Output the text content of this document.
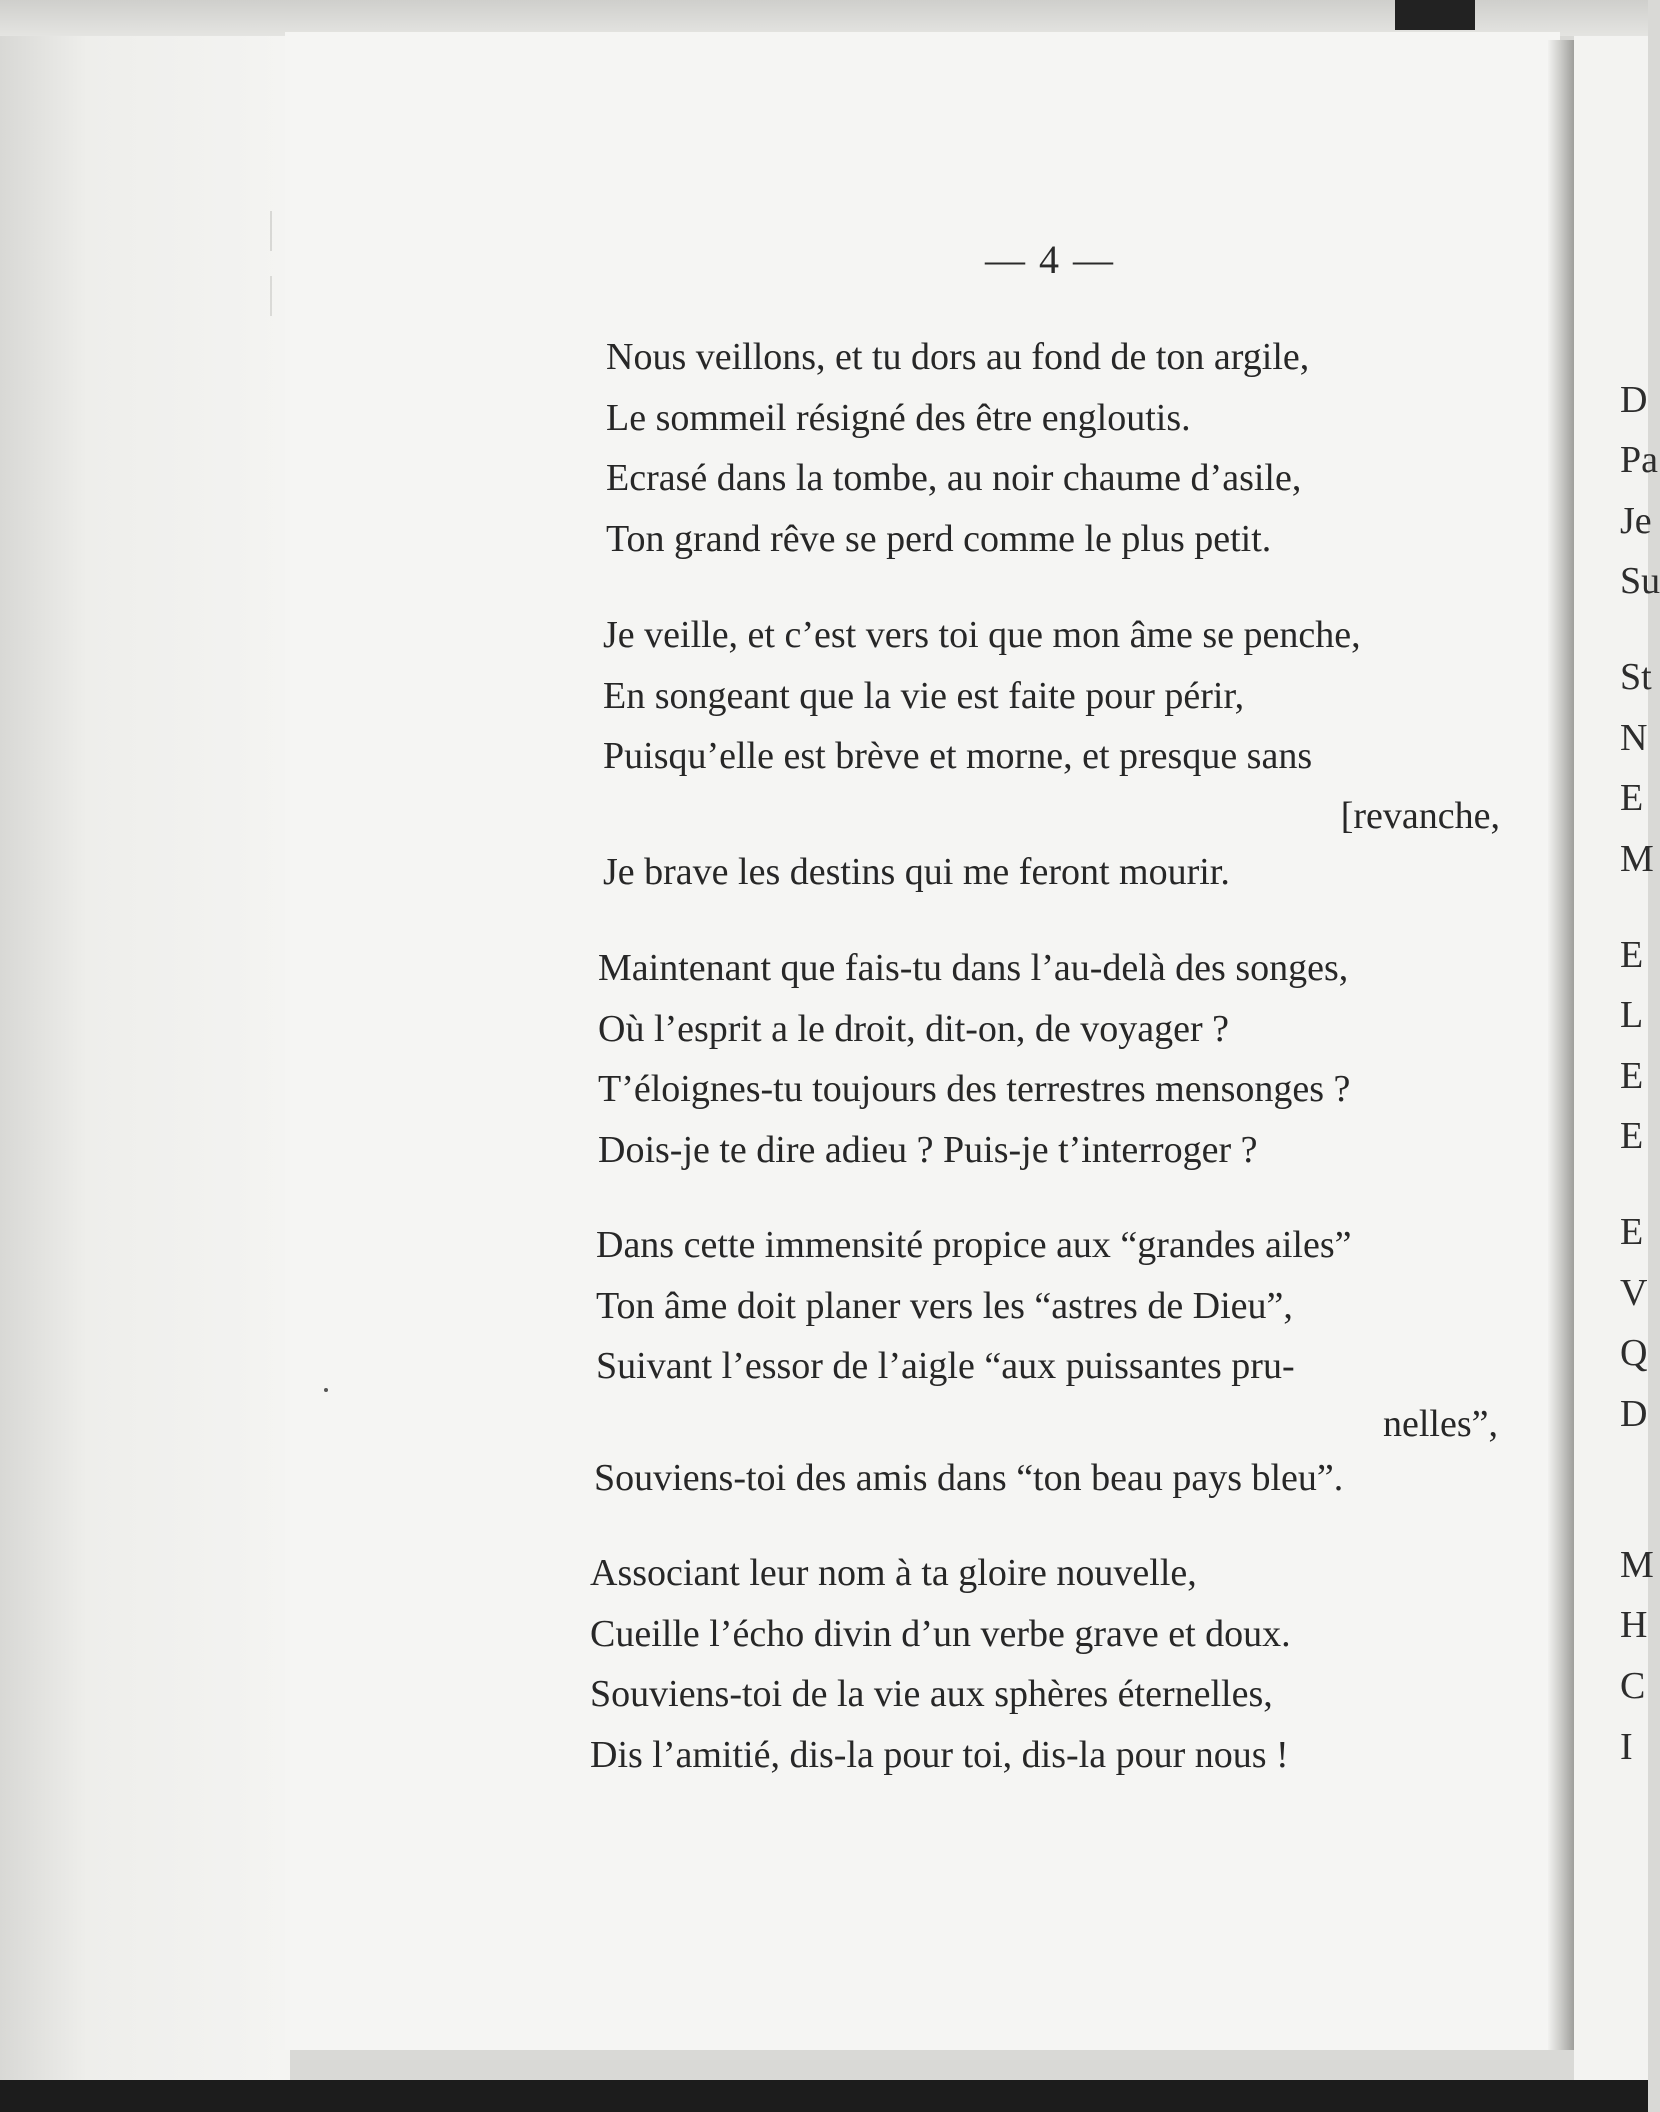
D
Pa
Je
Su
St
N
E
M
E
L
E
E
E
V
Q
D
M
H
C
I
— 4 —
Nous veillons, et tu dors au fond de ton argile,
Le sommeil résigné des être engloutis.
Ecrasé dans la tombe, au noir chaume d’asile,
Ton grand rêve se perd comme le plus petit.
Je veille, et c’est vers toi que mon âme se penche,
En songeant que la vie est faite pour périr,
Puisqu’elle est brève et morne, et presque sans
[revanche,
Je brave les destins qui me feront mourir.
Maintenant que fais-tu dans l’au-delà des songes,
Où l’esprit a le droit, dit-on, de voyager ?
T’éloignes-tu toujours des terrestres mensonges ?
Dois-je te dire adieu ? Puis-je t’interroger ?
Dans cette immensité propice aux “grandes ailes”
Ton âme doit planer vers les “astres de Dieu”,
Suivant l’essor de l’aigle “aux puissantes pru-
nelles”,
Souviens-toi des amis dans “ton beau pays bleu”.
Associant leur nom à ta gloire nouvelle,
Cueille l’écho divin d’un verbe grave et doux.
Souviens-toi de la vie aux sphères éternelles,
Dis l’amitié, dis-la pour toi, dis-la pour nous !
